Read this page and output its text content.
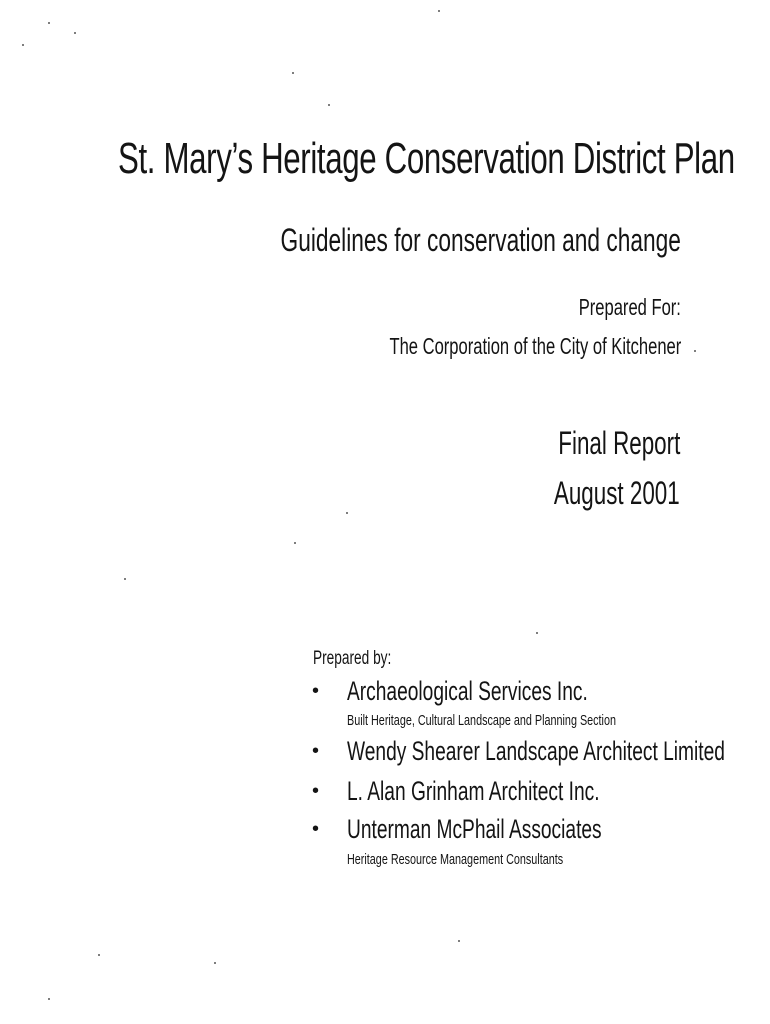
St. Mary’s Heritage Conservation District Plan
Guidelines for conservation and change
Prepared For:
The Corporation of the City of Kitchener
Final Report
August 2001
Prepared by:
• Archaeological Services Inc.
Built Heritage, Cultural Landscape and Planning Section
• Wendy Shearer Landscape Architect Limited
• L. Alan Grinham Architect Inc.
• Unterman McPhail Associates
Heritage Resource Management Consultants
